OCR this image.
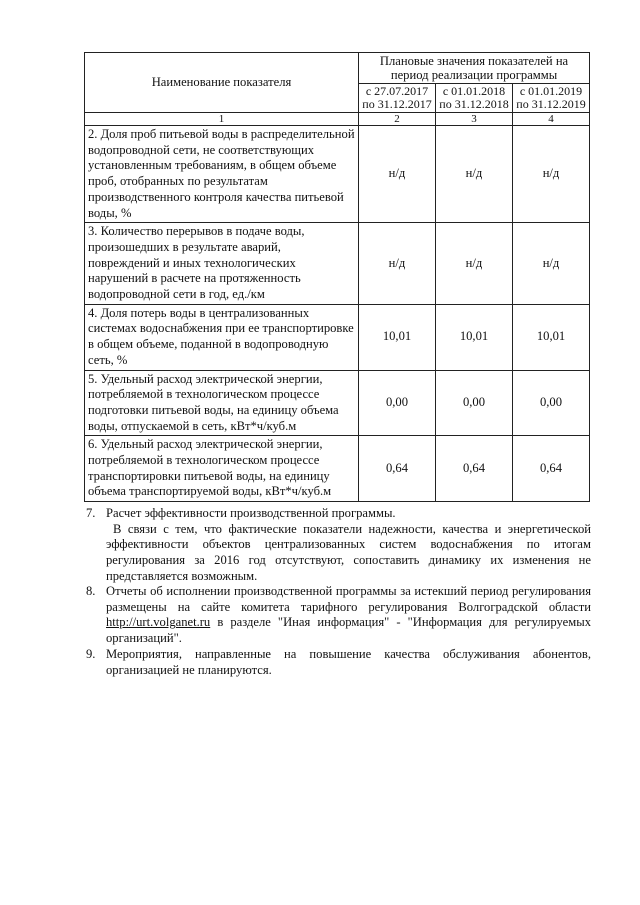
Наименование показателя	Плановые значения показателей на период реализации программы		
	с 27.07.2017 по 31.12.2017	с 01.01.2018 по 31.12.2018	с 01.01.2019 по 31.12.2019
1	2	3	4
2. Доля проб питьевой воды в распределительной водопроводной сети, не соответствующих установленным требованиям, в общем объеме проб, отобранных по результатам производственного контроля качества питьевой воды, %	н/д	н/д	н/д
3. Количество перерывов в подаче воды, произошедших в результате аварий, повреждений и иных технологических нарушений в расчете на протяженность водопроводной сети в год, ед./км	н/д	н/д	н/д
4. Доля потерь воды в централизованных системах водоснабжения при ее транспортировке в общем объеме, поданной в водопроводную сеть, %	10,01	10,01	10,01
5. Удельный расход электрической энергии, потребляемой в технологическом процессе подготовки питьевой воды, на единицу объема воды, отпускаемой в сеть, кВт*ч/куб.м	0,00	0,00	0,00
6. Удельный расход электрической энергии, потребляемой в технологическом процессе транспортировки питьевой воды, на единицу объема транспортируемой воды, кВт*ч/куб.м	0,64	0,64	0,64
7. Расчет эффективности производственной программы.
В связи с тем, что фактические показатели надежности, качества и энергетической эффективности объектов централизованных систем водоснабжения по итогам регулирования за 2016 год отсутствуют, сопоставить динамику их изменения не представляется возможным.
8. Отчеты об исполнении производственной программы за истекший период регулирования размещены на сайте комитета тарифного регулирования Волгоградской области http://urt.volganet.ru в разделе "Иная информация" - "Информация для регулируемых организаций".
9. Мероприятия, направленные на повышение качества обслуживания абонентов, организацией не планируются.
